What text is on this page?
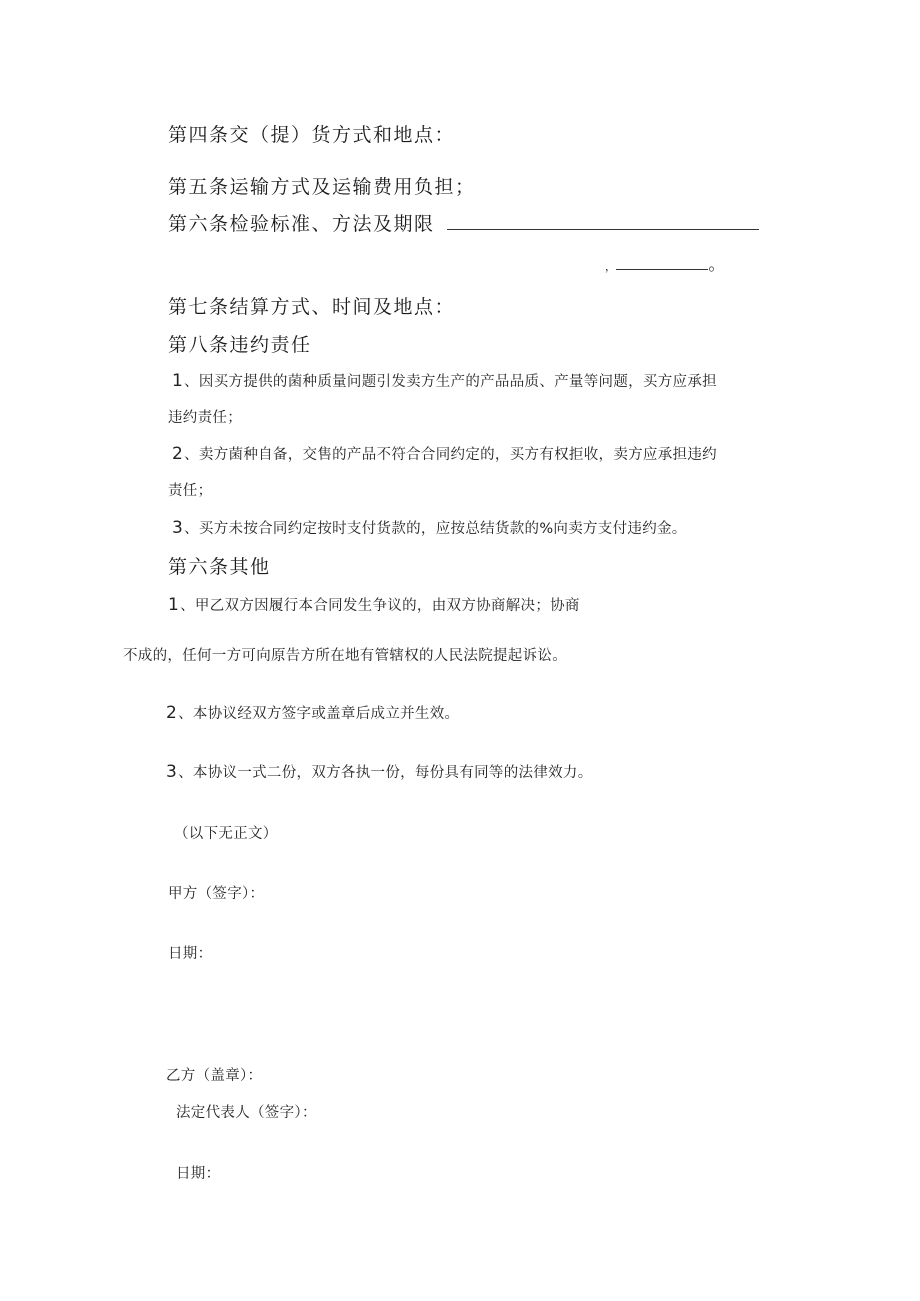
第四条交（提）货方式和地点：
第五条运输方式及运输费用负担；
第六条检验标准、方法及期限
，	。
第七条结算方式、时间及地点：
第八条违约责任
1、因买方提供的菌种质量问题引发卖方生产的产品品质、产量等问题，买方应承担
违约责任；
2、卖方菌种自备，交售的产品不符合合同约定的，买方有权拒收，卖方应承担违约
责任；
3、买方未按合同约定按时支付货款的，应按总结货款的%向卖方支付违约金。
第六条其他
1、甲乙双方因履行本合同发生争议的，由双方协商解决；协商
不成的，任何一方可向原告方所在地有管辖权的人民法院提起诉讼。
2、本协议经双方签字或盖章后成立并生效。
3、本协议一式二份，双方各执一份，每份具有同等的法律效力。
（以下无正文）
甲方（签字）：
日期：
乙方（盖章）：
法定代表人（签字）：
日期：
